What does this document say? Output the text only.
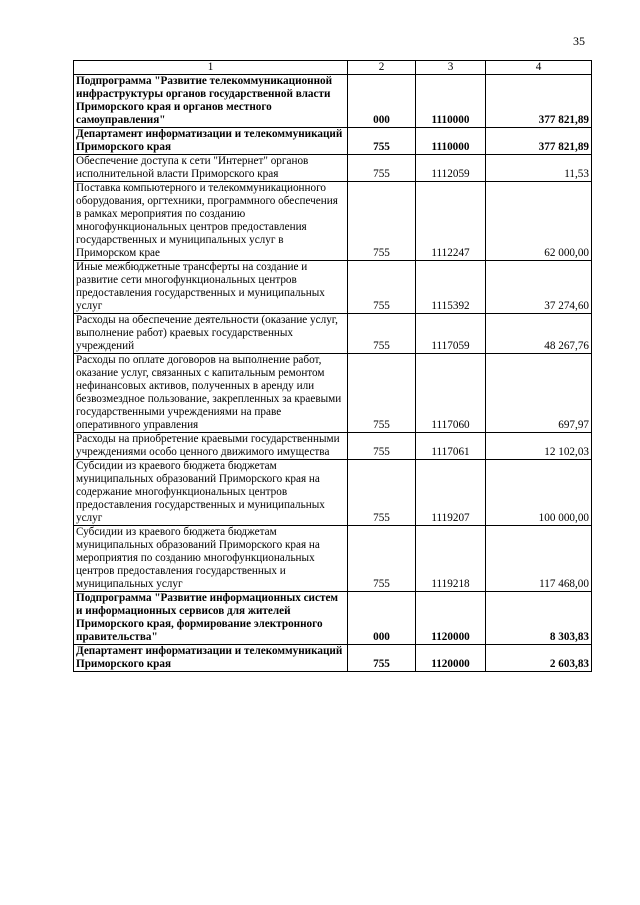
35
1	2	3	4
Подпрограмма "Развитие телекоммуникационной инфраструктуры органов государственной власти Приморского края и органов местного самоуправления"	000	1110000	377 821,89
Департамент информатизации и телекоммуникаций Приморского края	755	1110000	377 821,89
Обеспечение доступа к сети "Интернет" органов исполнительной власти Приморского края	755	1112059	11,53
Поставка компьютерного и телекоммуникационного оборудования, оргтехники, программного обеспечения в рамках мероприятия по созданию многофункциональных центров предоставления государственных и муниципальных услуг в Приморском крае	755	1112247	62 000,00
Иные межбюджетные трансферты на создание и развитие сети многофункциональных центров предоставления государственных и муниципальных услуг	755	1115392	37 274,60
Расходы на обеспечение деятельности (оказание услуг, выполнение работ) краевых государственных учреждений	755	1117059	48 267,76
Расходы по оплате договоров на выполнение работ, оказание услуг, связанных с капитальным ремонтом нефинансовых активов, полученных в аренду или безвозмездное пользование, закрепленных за краевыми государственными учреждениями на праве оперативного управления	755	1117060	697,97
Расходы на приобретение краевыми государственными учреждениями особо ценного движимого имущества	755	1117061	12 102,03
Субсидии из краевого бюджета бюджетам муниципальных образований Приморского края на содержание многофункциональных центров предоставления государственных и муниципальных услуг	755	1119207	100 000,00
Субсидии из краевого бюджета бюджетам муниципальных образований Приморского края на мероприятия по созданию многофункциональных центров предоставления государственных и муниципальных услуг	755	1119218	117 468,00
Подпрограмма "Развитие информационных систем и информационных сервисов для жителей Приморского края, формирование электронного правительства"	000	1120000	8 303,83
Департамент информатизации и телекоммуникаций Приморского края	755	1120000	2 603,83
